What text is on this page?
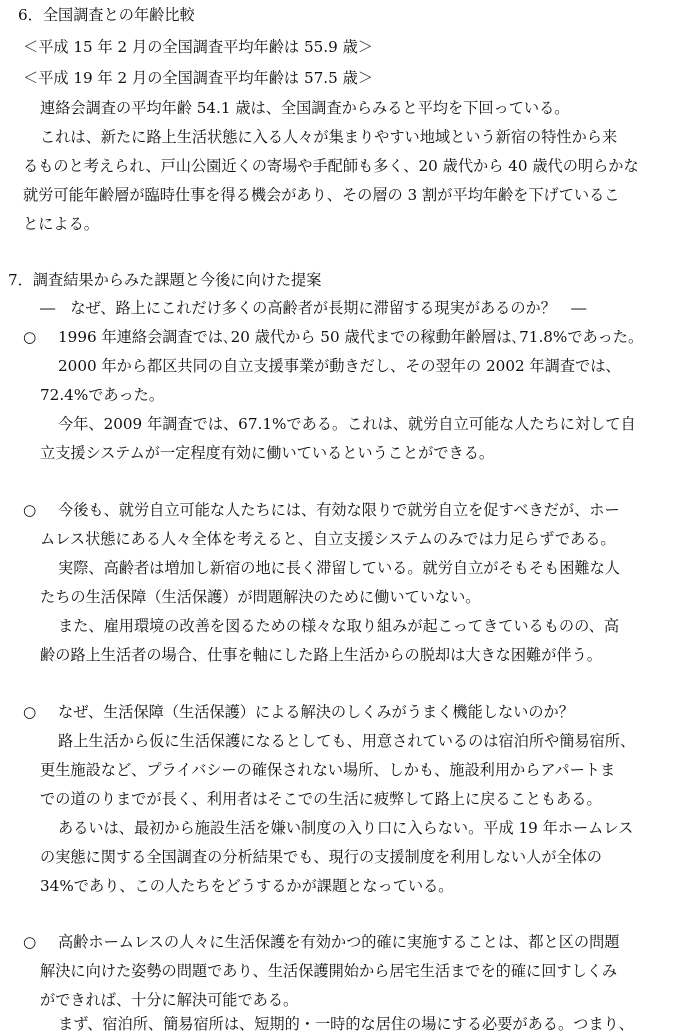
6．全国調査との年齢比較
＜平成 15 年 2 月の全国調査平均年齢は 55.9 歳＞
＜平成 19 年 2 月の全国調査平均年齢は 57.5 歳＞
連絡会調査の平均年齢 54.1 歳は、全国調査からみると平均を下回っている。
これは、新たに路上生活状態に入る人々が集まりやすい地域という新宿の特性から来
るものと考えられ、戸山公園近くの寄場や手配師も多く、20 歳代から 40 歳代の明らかな
就労可能年齢層が臨時仕事を得る機会があり、その層の 3 割が平均年齢を下げているこ
とによる。
7．調査結果からみた課題と今後に向けた提案
―　なぜ、路上にこれだけ多くの高齢者が長期に滞留する現実があるのか？　―
○ 1996 年連絡会調査では､20 歳代から 50 歳代までの稼動年齢層は､71.8%であった。
2000 年から都区共同の自立支援事業が動きだし、その翌年の 2002 年調査では、
72.4%であった。
今年、2009 年調査では、67.1%である。これは、就労自立可能な人たちに対して自
立支援システムが一定程度有効に働いているということができる。
○ 今後も、就労自立可能な人たちには、有効な限りで就労自立を促すべきだが、ホー
ムレス状態にある人々全体を考えると、自立支援システムのみでは力足らずである。
実際、高齢者は増加し新宿の地に長く滞留している。就労自立がそもそも困難な人
たちの生活保障（生活保護）が問題解決のために働いていない。
また、雇用環境の改善を図るための様々な取り組みが起こってきているものの、高
齢の路上生活者の場合、仕事を軸にした路上生活からの脱却は大きな困難が伴う。
○ なぜ、生活保障（生活保護）による解決のしくみがうまく機能しないのか？
路上生活から仮に生活保護になるとしても、用意されているのは宿泊所や簡易宿所、
更生施設など、プライバシーの確保されない場所、しかも、施設利用からアパートま
での道のりまでが長く、利用者はそこでの生活に疲弊して路上に戻ることもある。
あるいは、最初から施設生活を嫌い制度の入り口に入らない。平成 19 年ホームレス
の実態に関する全国調査の分析結果でも、現行の支援制度を利用しない人が全体の
34%であり、この人たちをどうするかが課題となっている。
○ 高齢ホームレスの人々に生活保護を有効かつ的確に実施することは、都と区の問題
解決に向けた姿勢の問題であり、生活保護開始から居宅生活までを的確に回すしくみ
ができれば、十分に解決可能である。
まず、宿泊所、簡易宿所は、短期的・一時的な居住の場にする必要がある。つまり、
